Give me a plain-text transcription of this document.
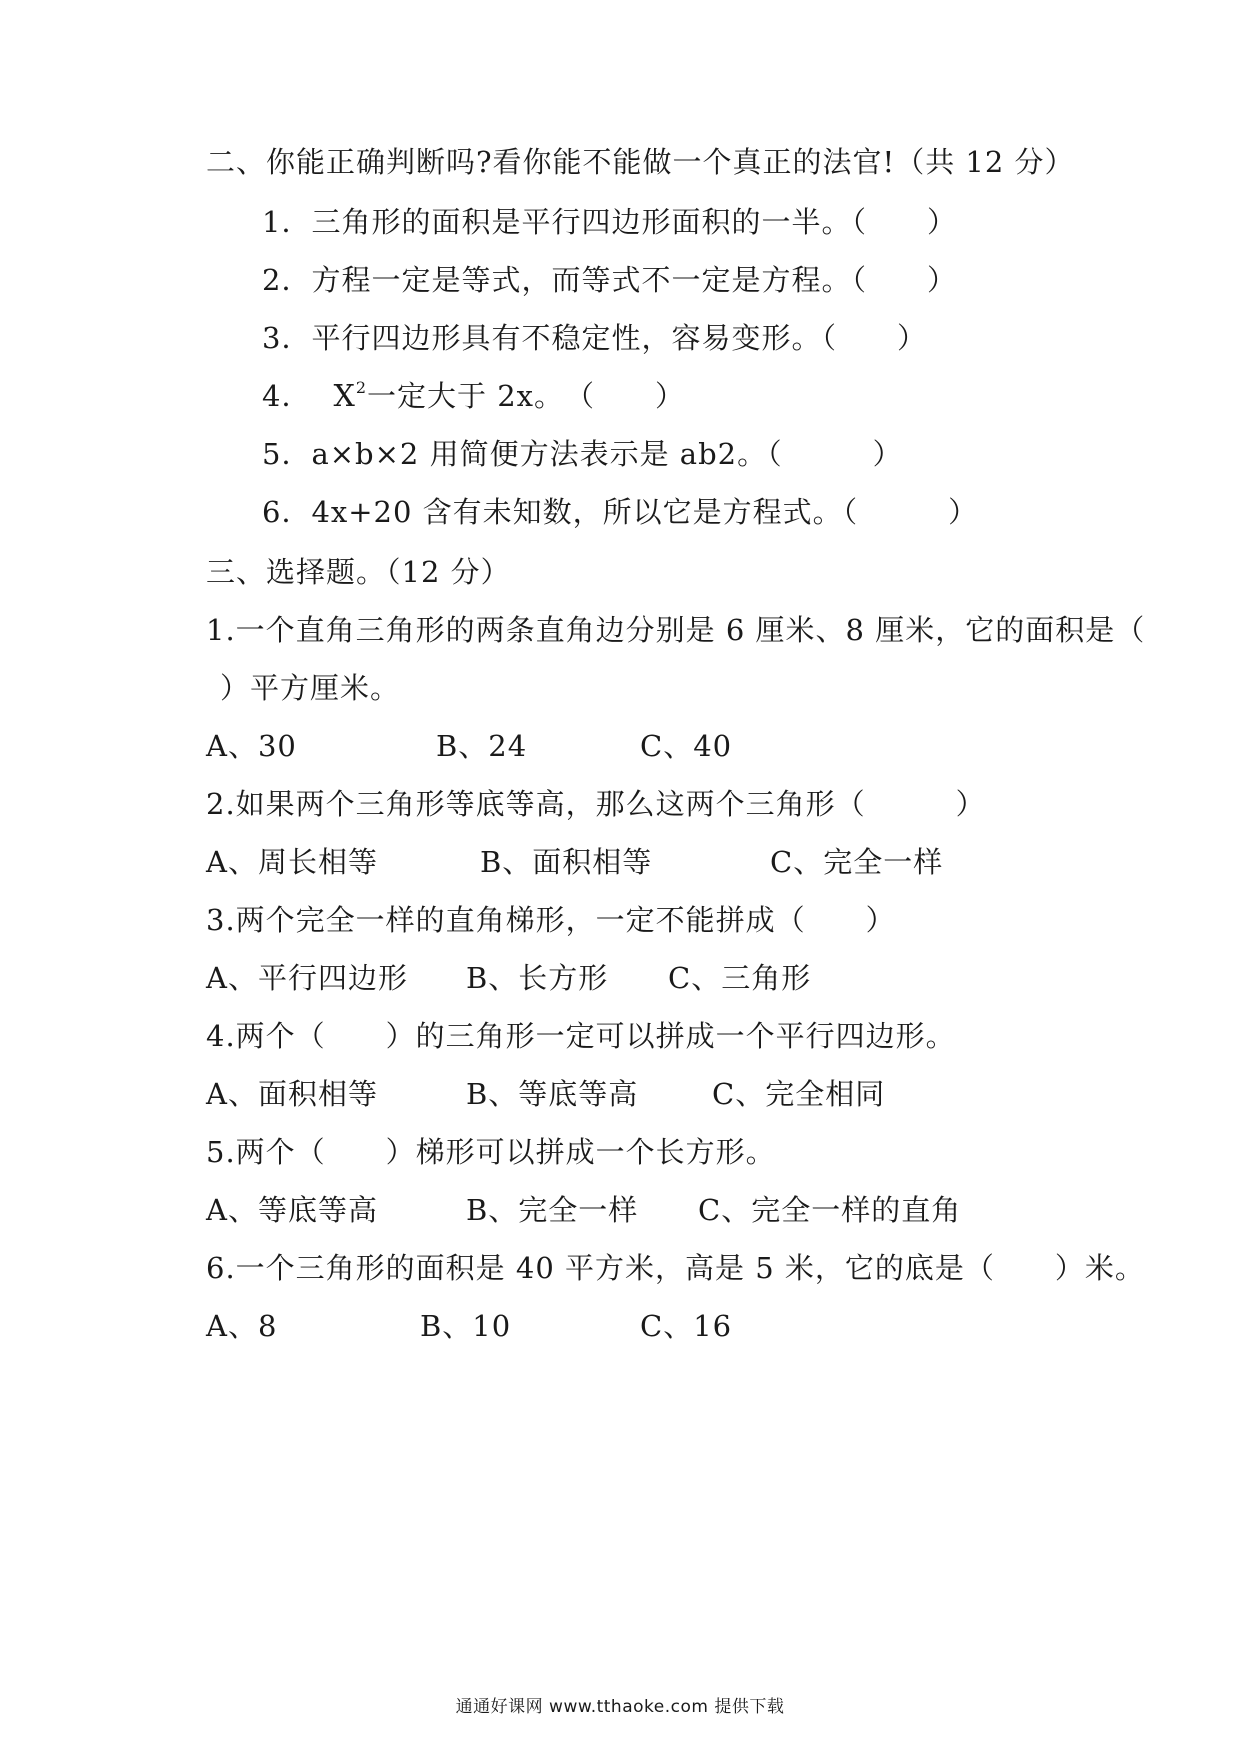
二、你能正确判断吗?看你能不能做一个真正的法官!（共 12 分）
1．三角形的面积是平行四边形面积的一半。（　　）
2．方程一定是等式，而等式不一定是方程。（　　）
3．平行四边形具有不稳定性，容易变形。（　　）
4． $X^2$一定大于 2x。　（　　）
5．a×b×2 用简便方法表示是 ab2。（　　　）
6．4x+20 含有未知数，所以它是方程式。（　　　）
三、选择题。（12 分）
1.一个直角三角形的两条直角边分别是 6 厘米、8 厘米，它的面积是（
）平方厘米。
A、30	B、24	C、40
2.如果两个三角形等底等高，那么这两个三角形（　　　）
A、周长相等	B、面积相等	C、完全一样
3.两个完全一样的直角梯形，一定不能拼成（　　）
A、平行四边形 B、长方形 C、三角形
4.两个（　　）的三角形一定可以拼成一个平行四边形。
A、面积相等	B、等底等高	C、完全相同
5.两个（　　）梯形可以拼成一个长方形。
A、等底等高	B、完全一样 C、完全一样的直角
6.一个三角形的面积是 40 平方米，高是 5 米，它的底是（　　）米。
A、8	B、10	C、16
通通好课网 www.tthaoke.com 提供下载
